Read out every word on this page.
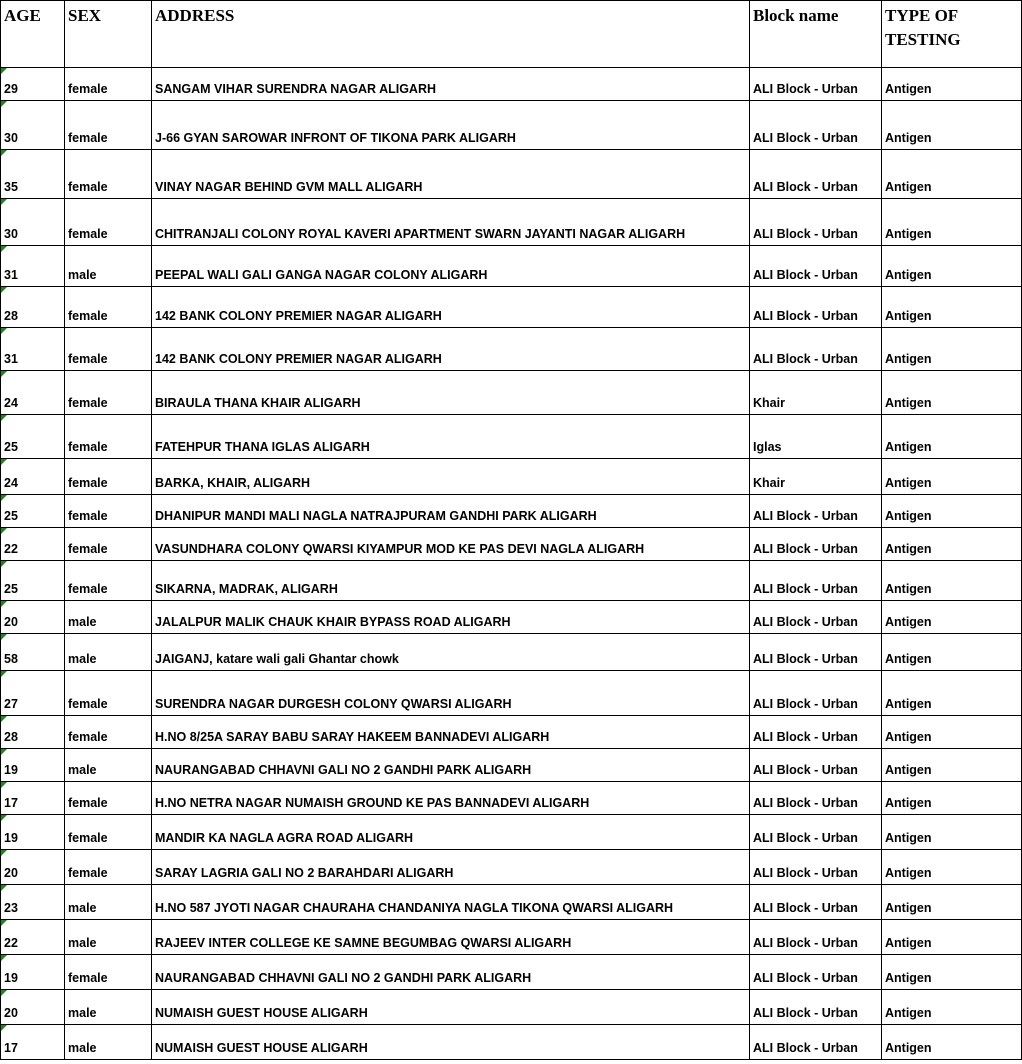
AGE	SEX	ADDRESS	Block name	TYPE OF TESTING
29	female	SANGAM VIHAR SURENDRA NAGAR ALIGARH	ALI Block - Urban	Antigen
30	female	J-66 GYAN SAROWAR INFRONT OF TIKONA PARK ALIGARH	ALI Block - Urban	Antigen
35	female	VINAY NAGAR BEHIND GVM MALL ALIGARH	ALI Block - Urban	Antigen
30	female	CHITRANJALI COLONY ROYAL KAVERI APARTMENT SWARN JAYANTI NAGAR ALIGARH	ALI Block - Urban	Antigen
31	male	PEEPAL WALI GALI GANGA NAGAR COLONY ALIGARH	ALI Block - Urban	Antigen
28	female	142 BANK COLONY PREMIER NAGAR ALIGARH	ALI Block - Urban	Antigen
31	female	142 BANK COLONY PREMIER NAGAR ALIGARH	ALI Block - Urban	Antigen
24	female	BIRAULA THANA KHAIR ALIGARH	Khair	Antigen
25	female	FATEHPUR THANA IGLAS ALIGARH	Iglas	Antigen
24	female	BARKA, KHAIR, ALIGARH	Khair	Antigen
25	female	DHANIPUR MANDI MALI NAGLA NATRAJPURAM GANDHI PARK ALIGARH	ALI Block - Urban	Antigen
22	female	VASUNDHARA COLONY QWARSI KIYAMPUR MOD KE PAS DEVI NAGLA ALIGARH	ALI Block - Urban	Antigen
25	female	SIKARNA, MADRAK, ALIGARH	ALI Block - Urban	Antigen
20	male	JALALPUR MALIK CHAUK KHAIR BYPASS ROAD ALIGARH	ALI Block - Urban	Antigen
58	male	JAIGANJ, katare wali gali Ghantar chowk	ALI Block - Urban	Antigen
27	female	SURENDRA NAGAR DURGESH COLONY QWARSI ALIGARH	ALI Block - Urban	Antigen
28	female	H.NO 8/25A SARAY BABU SARAY HAKEEM BANNADEVI ALIGARH	ALI Block - Urban	Antigen
19	male	NAURANGABAD CHHAVNI GALI NO 2 GANDHI PARK ALIGARH	ALI Block - Urban	Antigen
17	female	H.NO NETRA NAGAR NUMAISH GROUND KE PAS BANNADEVI ALIGARH	ALI Block - Urban	Antigen
19	female	MANDIR KA NAGLA AGRA ROAD ALIGARH	ALI Block - Urban	Antigen
20	female	SARAY LAGRIA GALI NO 2 BARAHDARI ALIGARH	ALI Block - Urban	Antigen
23	male	H.NO 587 JYOTI NAGAR CHAURAHA CHANDANIYA NAGLA TIKONA QWARSI ALIGARH	ALI Block - Urban	Antigen
22	male	RAJEEV INTER COLLEGE KE SAMNE BEGUMBAG QWARSI ALIGARH	ALI Block - Urban	Antigen
19	female	NAURANGABAD CHHAVNI GALI NO 2 GANDHI PARK ALIGARH	ALI Block - Urban	Antigen
20	male	NUMAISH GUEST HOUSE ALIGARH	ALI Block - Urban	Antigen
17	male	NUMAISH GUEST HOUSE ALIGARH	ALI Block - Urban	Antigen
